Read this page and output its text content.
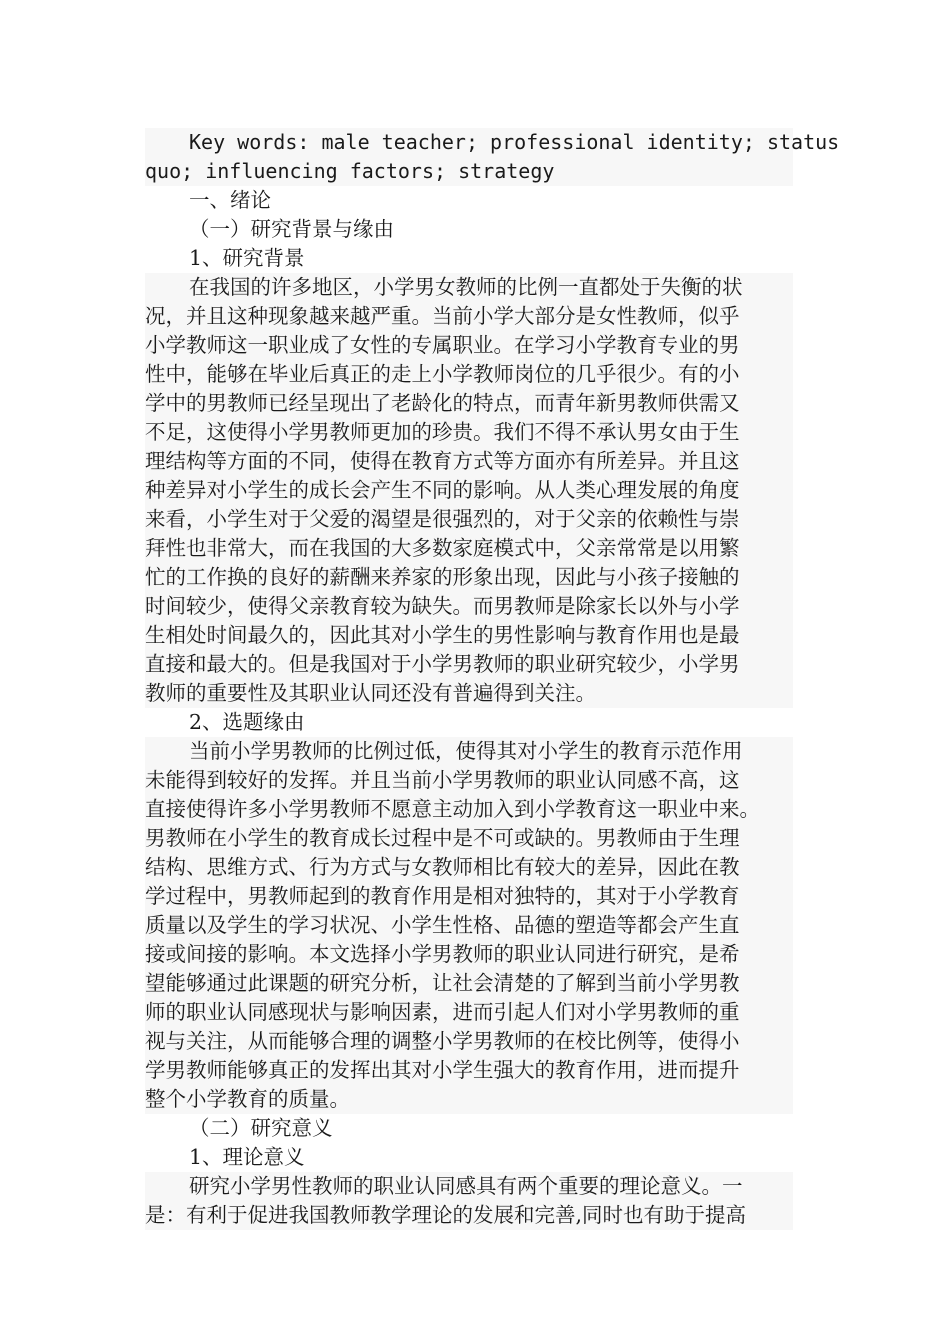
Key words: male teacher; professional identity; status
quo; influencing factors; strategy
一、绪论
（一）研究背景与缘由
1、研究背景
在我国的许多地区，小学男女教师的比例一直都处于失衡的状
况，并且这种现象越来越严重。当前小学大部分是女性教师，似乎
小学教师这一职业成了女性的专属职业。在学习小学教育专业的男
性中，能够在毕业后真正的走上小学教师岗位的几乎很少。有的小
学中的男教师已经呈现出了老龄化的特点，而青年新男教师供需又
不足，这使得小学男教师更加的珍贵。我们不得不承认男女由于生
理结构等方面的不同，使得在教育方式等方面亦有所差异。并且这
种差异对小学生的成长会产生不同的影响。从人类心理发展的角度
来看，小学生对于父爱的渴望是很强烈的，对于父亲的依赖性与崇
拜性也非常大，而在我国的大多数家庭模式中，父亲常常是以用繁
忙的工作换的良好的薪酬来养家的形象出现，因此与小孩子接触的
时间较少，使得父亲教育较为缺失。而男教师是除家长以外与小学
生相处时间最久的，因此其对小学生的男性影响与教育作用也是最
直接和最大的。但是我国对于小学男教师的职业研究较少，小学男
教师的重要性及其职业认同还没有普遍得到关注。
2、选题缘由
当前小学男教师的比例过低，使得其对小学生的教育示范作用
未能得到较好的发挥。并且当前小学男教师的职业认同感不高，这
直接使得许多小学男教师不愿意主动加入到小学教育这一职业中来。
男教师在小学生的教育成长过程中是不可或缺的。男教师由于生理
结构、思维方式、行为方式与女教师相比有较大的差异，因此在教
学过程中，男教师起到的教育作用是相对独特的，其对于小学教育
质量以及学生的学习状况、小学生性格、品德的塑造等都会产生直
接或间接的影响。本文选择小学男教师的职业认同进行研究，是希
望能够通过此课题的研究分析，让社会清楚的了解到当前小学男教
师的职业认同感现状与影响因素，进而引起人们对小学男教师的重
视与关注，从而能够合理的调整小学男教师的在校比例等，使得小
学男教师能够真正的发挥出其对小学生强大的教育作用，进而提升
整个小学教育的质量。
（二）研究意义
1、理论意义
研究小学男性教师的职业认同感具有两个重要的理论意义。一
是：有利于促进我国教师教学理论的发展和完善,同时也有助于提高
